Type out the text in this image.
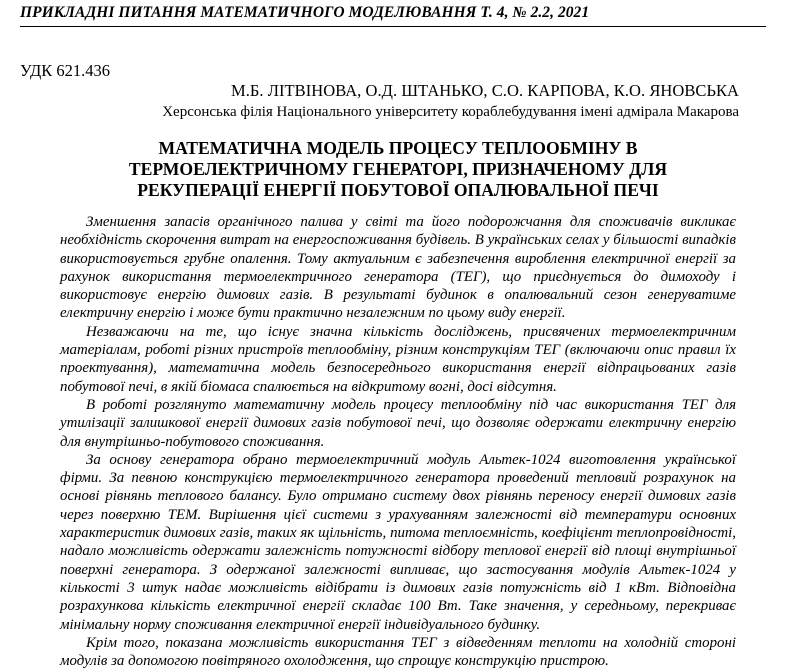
ПРИКЛАДНІ ПИТАННЯ МАТЕМАТИЧНОГО МОДЕЛЮВАННЯ Т. 4, № 2.2, 2021
УДК 621.436
М.Б. ЛІТВІНОВА, О.Д. ШТАНЬКО, С.О. КАРПОВА, К.О. ЯНОВСЬКА
Херсонська філія Національного університету кораблебудування імені адмірала Макарова
МАТЕМАТИЧНА МОДЕЛЬ ПРОЦЕСУ ТЕПЛООБМІНУ В
ТЕРМОЕЛЕКТРИЧНОМУ ГЕНЕРАТОРІ, ПРИЗНАЧЕНОМУ ДЛЯ
РЕКУПЕРАЦІЇ ЕНЕРГІЇ ПОБУТОВОЇ ОПАЛЮВАЛЬНОЇ ПЕЧІ

Зменшення запасів органічного палива у світі та його подорожчання для споживачів викликає необхідність скорочення витрат на енергоспоживання будівель. В українських селах у більшості випадків використовується грубне опалення. Тому актуальним є забезпечення вироблення електричної енергії за рахунок використання термоелектричного генератора (ТЕГ), що приєднується до димоходу і використовує енергію димових газів. В результаті будинок в опалювальний сезон генеруватиме електричну енергію і може бути практично незалежним по цьому виду енергії.

Незважаючи на те, що існує значна кількість досліджень, присвячених термоелектричним матеріалам, роботі різних пристроїв теплообміну, різним конструкціям ТЕГ (включаючи опис правил їх проектування), математична модель безпосереднього використання енергії відпрацьованих газів побутової печі, в якій біомаса спалюється на відкритому вогні, досі відсутня.

В роботі розглянуто математичну модель процесу теплообміну під час використання ТЕГ для утилізації залишкової енергії димових газів побутової печі, що дозволяє одержати електричну енергію для внутрішньо-побутового споживання.

За основу генератора обрано термоелектричний модуль Альтек-1024 виготовлення української фірми. За певною конструкцією термоелектричного генератора проведений тепловий розрахунок на основі рівнянь теплового балансу. Було отримано систему двох рівнянь переносу енергії димових газів через поверхню ТЕМ. Вирішення цієї системи з урахуванням залежності від температури основних характеристик димових газів, таких як щільність, питома теплоємність, коефіцієнт теплопровідності, надало можливість одержати залежність потужності відбору теплової енергії від площі внутрішньої поверхні генератора. З одержаної залежності випливає, що застосування модулів Альтек-1024 у кількості 3 штук надає можливість відібрати із димових газів потужність від 1 кВт. Відповідна розрахункова кількість електричної енергії складає 100 Вт. Таке значення, у середньому, перекриває мінімальну норму споживання електричної енергії індивідуального будинку.

Крім того, показана можливість використання ТЕГ з відведенням теплоти на холодній стороні модулів за допомогою повітряного охолодження, що спрощує конструкцію пристрою.
